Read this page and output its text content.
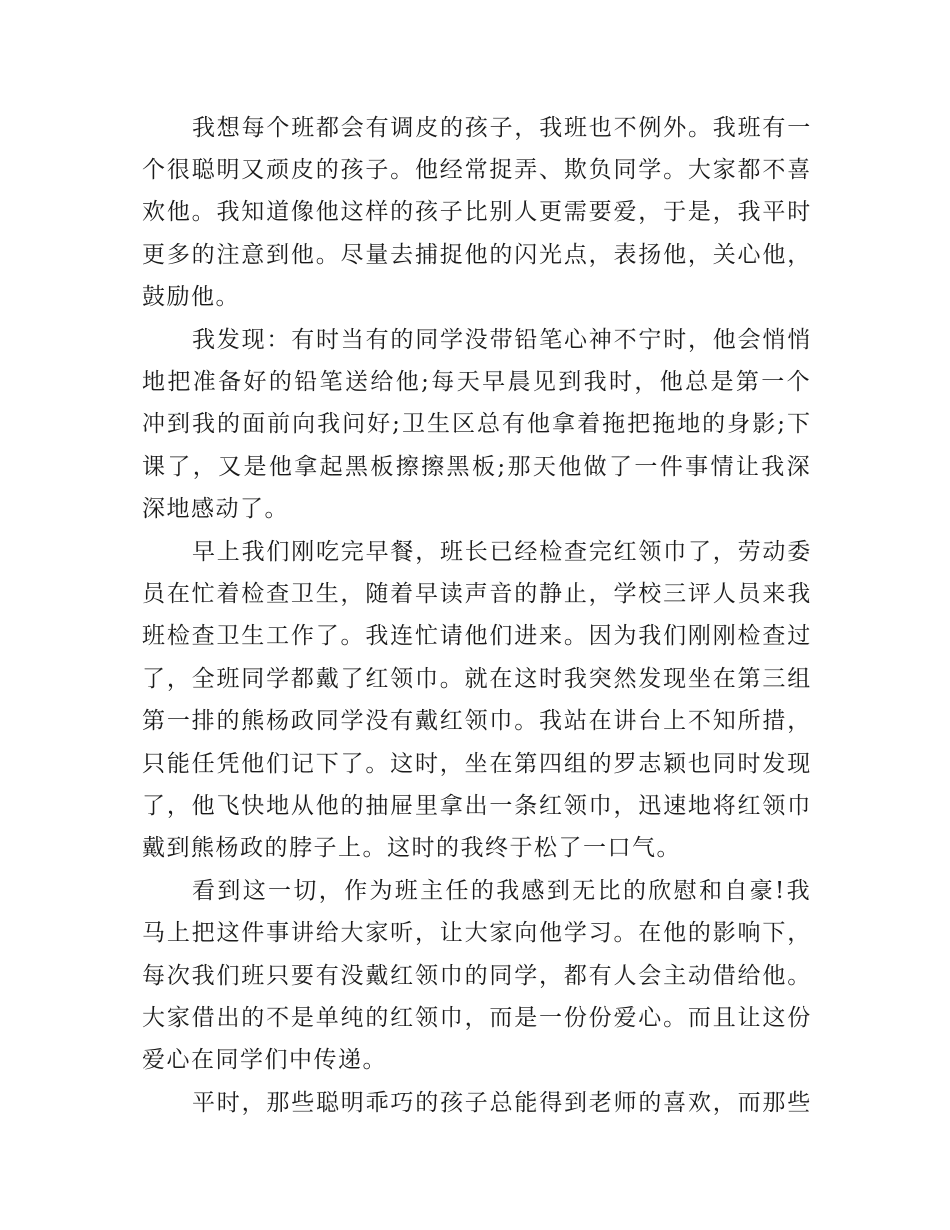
我想每个班都会有调皮的孩子，我班也不例外。我班有一

个很聪明又顽皮的孩子。他经常捉弄、欺负同学。大家都不喜

欢他。我知道像他这样的孩子比别人更需要爱，于是，我平时

更多的注意到他。尽量去捕捉他的闪光点，表扬他，关心他，

鼓励他。

我发现：有时当有的同学没带铅笔心神不宁时，他会悄悄

地把准备好的铅笔送给他;每天早晨见到我时，他总是第一个

冲到我的面前向我问好;卫生区总有他拿着拖把拖地的身影;下

课了，又是他拿起黑板擦擦黑板;那天他做了一件事情让我深

深地感动了。

早上我们刚吃完早餐，班长已经检查完红领巾了，劳动委

员在忙着检查卫生，随着早读声音的静止，学校三评人员来我

班检查卫生工作了。我连忙请他们进来。因为我们刚刚检查过

了，全班同学都戴了红领巾。就在这时我突然发现坐在第三组

第一排的熊杨政同学没有戴红领巾。我站在讲台上不知所措，

只能任凭他们记下了。这时，坐在第四组的罗志颖也同时发现

了，他飞快地从他的抽屉里拿出一条红领巾，迅速地将红领巾

戴到熊杨政的脖子上。这时的我终于松了一口气。

看到这一切，作为班主任的我感到无比的欣慰和自豪!我

马上把这件事讲给大家听，让大家向他学习。在他的影响下，

每次我们班只要有没戴红领巾的同学，都有人会主动借给他。

大家借出的不是单纯的红领巾，而是一份份爱心。而且让这份

爱心在同学们中传递。

平时，那些聪明乖巧的孩子总能得到老师的喜欢，而那些
